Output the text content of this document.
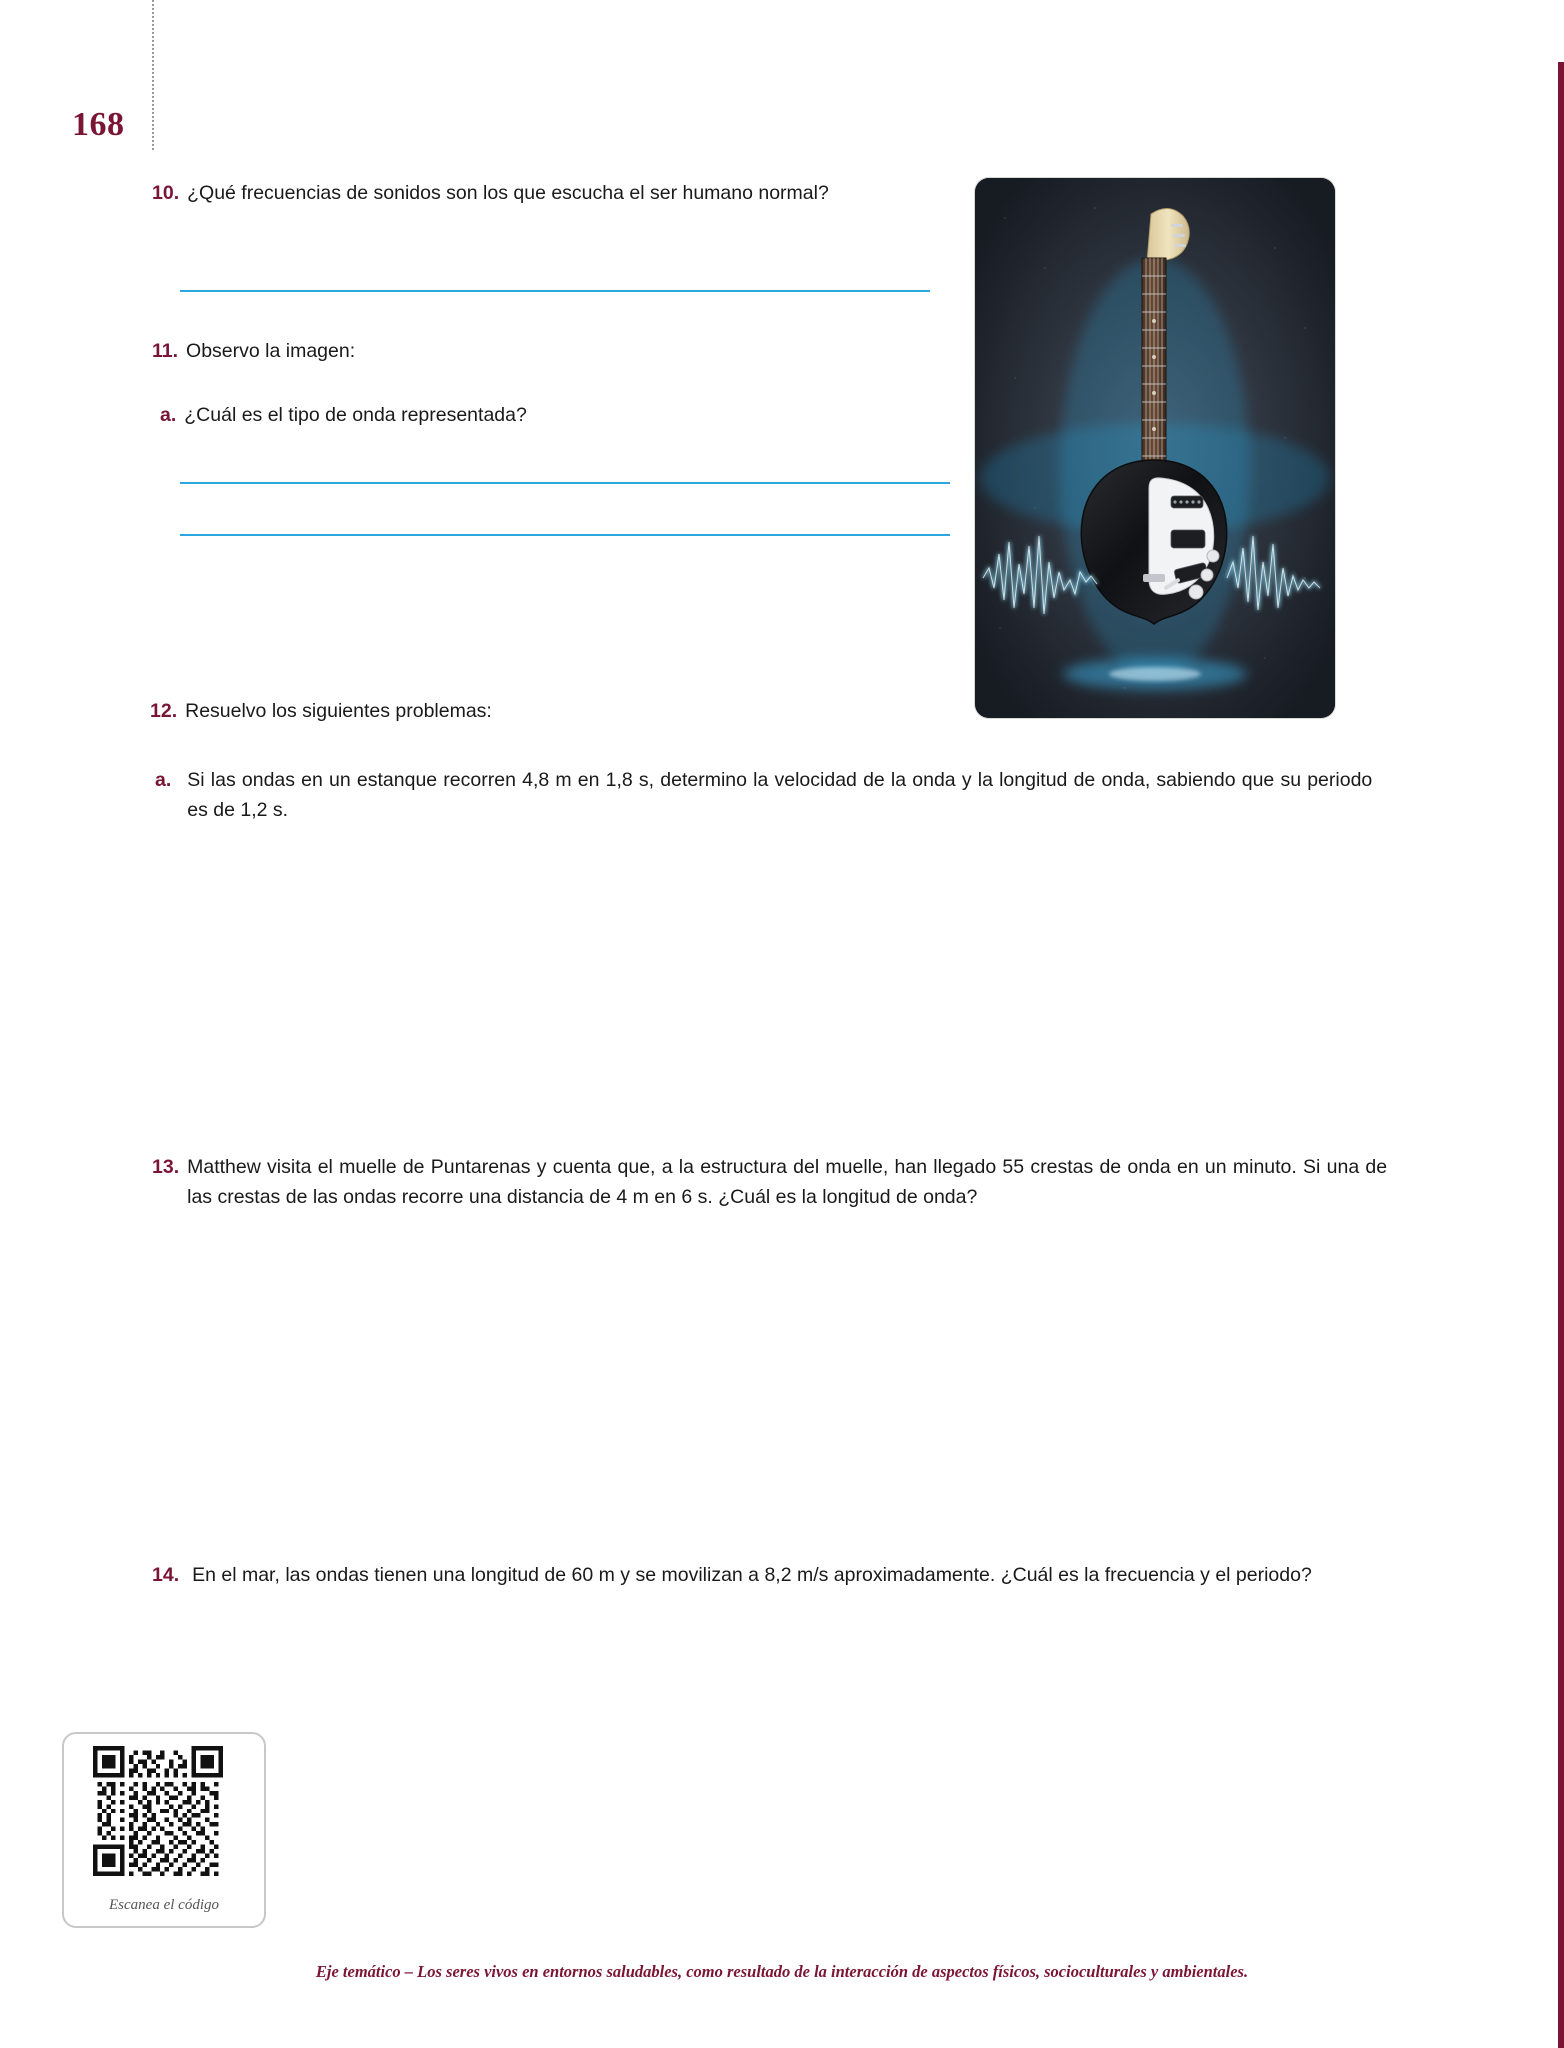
168
10. ¿Qué frecuencias de sonidos son los que escucha el ser humano normal?
11. Observo la imagen:
a. ¿Cuál es el tipo de onda representada?
12. Resuelvo los siguientes problemas:
a. Si las ondas en un estanque recorren 4,8 m en 1,8 s, determino la velocidad de la onda y la longitud de onda, sabiendo que su periodo es de 1,2 s.
13. Matthew visita el muelle de Puntarenas y cuenta que, a la estructura del muelle, han llegado 55 crestas de onda en un minuto. Si una de las crestas de las ondas recorre una distancia de 4 m en 6 s. ¿Cuál es la longitud de onda?
14. En el mar, las ondas tienen una longitud de 60 m y se movilizan a 8,2 m/s aproximadamente. ¿Cuál es la frecuencia y el periodo?
Escanea el código
Eje temático – Los seres vivos en entornos saludables, como resultado de la interacción de aspectos físicos, socioculturales y ambientales.
